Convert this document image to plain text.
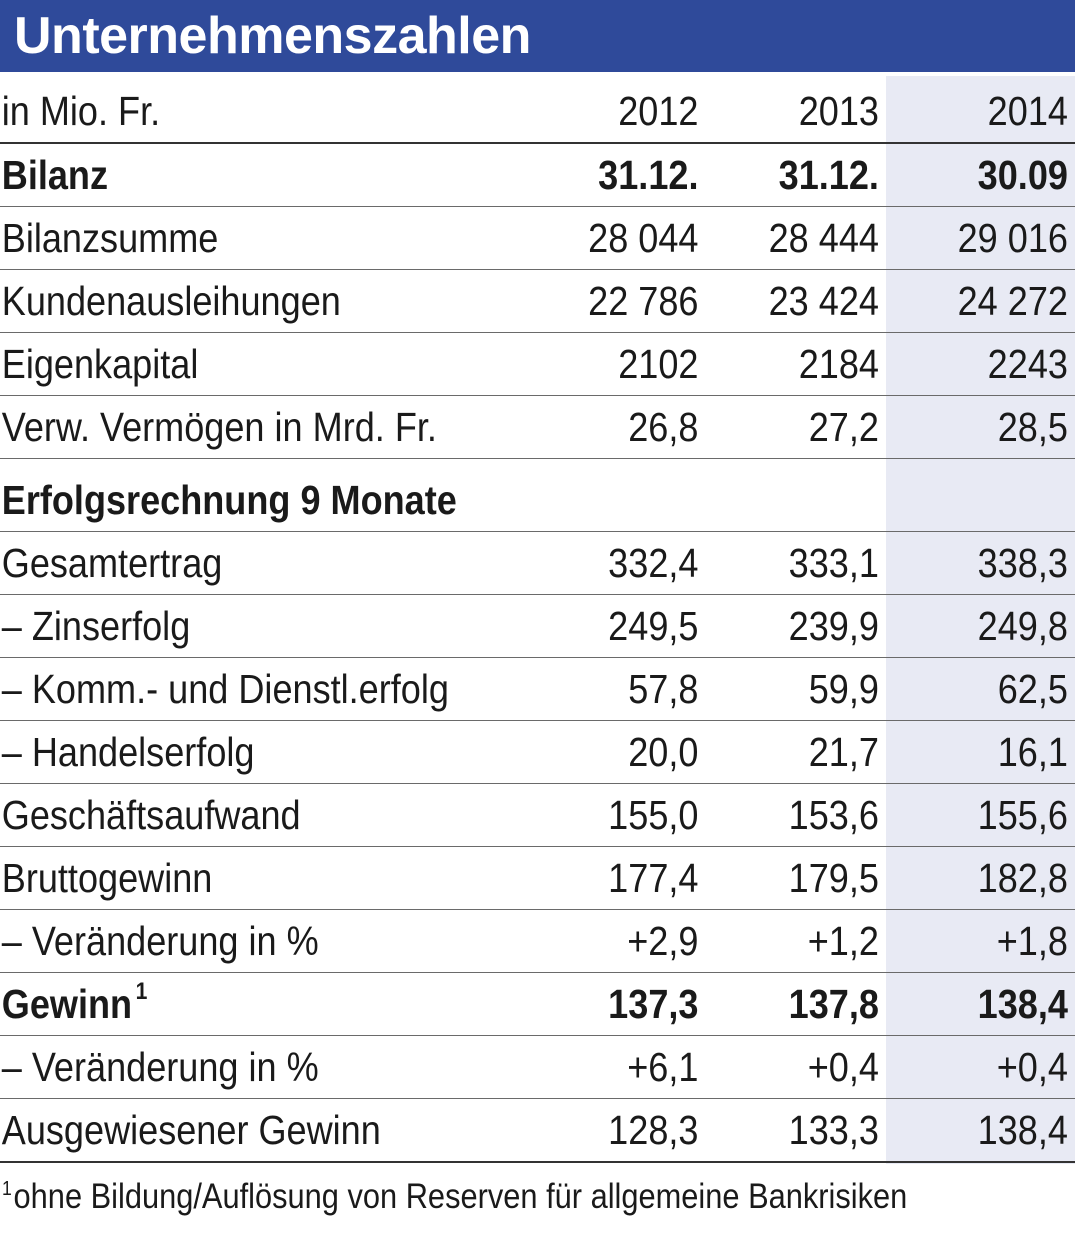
Unternehmenszahlen
in Mio. Fr.	2012	2013	2014
Bilanz	31.12.	31.12.	30.09
Bilanzsumme	28 044	28 444	29 016
Kundenausleihungen	22 786	23 424	24 272
Eigenkapital	2102	2184	2243
Verw. Vermögen in Mrd. Fr.	26,8	27,2	28,5
Erfolgsrechnung 9 Monate			
Gesamtertrag	332,4	333,1	338,3
– Zinserfolg	249,5	239,9	249,8
– Komm.- und Dienstl.erfolg	57,8	59,9	62,5
– Handelserfolg	20,0	21,7	16,1
Geschäftsaufwand	155,0	153,6	155,6
Bruttogewinn	177,4	179,5	182,8
– Veränderung in %	+2,9	+1,2	+1,8
Gewinn $^1$	137,3	137,8	138,4
– Veränderung in %	+6,1	+0,4	+0,4
Ausgewiesener Gewinn	128,3	133,3	138,4
$^1$ohne Bildung/Auflösung von Reserven für allgemeine Bankrisiken
